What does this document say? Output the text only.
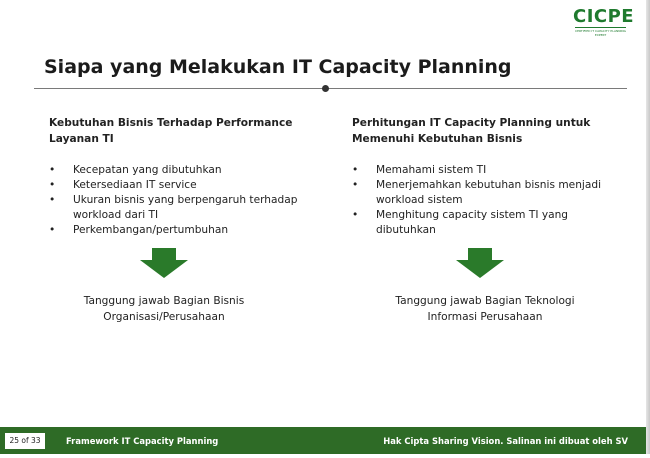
CICPE
CERTIFIED IT CAPACITY PLANNING EXPERT
Siapa yang Melakukan IT Capacity Planning
Kebutuhan Bisnis Terhadap Performance
Layanan TI
• Kecepatan yang dibutuhkan
• Ketersediaan IT service
• Ukuran bisnis yang berpengaruh terhadap
workload dari TI
• Perkembangan/pertumbuhan
Tanggung jawab Bagian Bisnis
Organisasi/Perusahaan
Perhitungan IT Capacity Planning untuk
Memenuhi Kebutuhan Bisnis
• Memahami sistem TI
• Menerjemahkan kebutuhan bisnis menjadi
workload sistem
• Menghitung capacity sistem TI yang
dibutuhkan
Tanggung jawab Bagian Teknologi
Informasi Perusahaan
25 of 33	Framework IT Capacity Planning	Hak Cipta Sharing Vision. Salinan ini dibuat oleh SV
